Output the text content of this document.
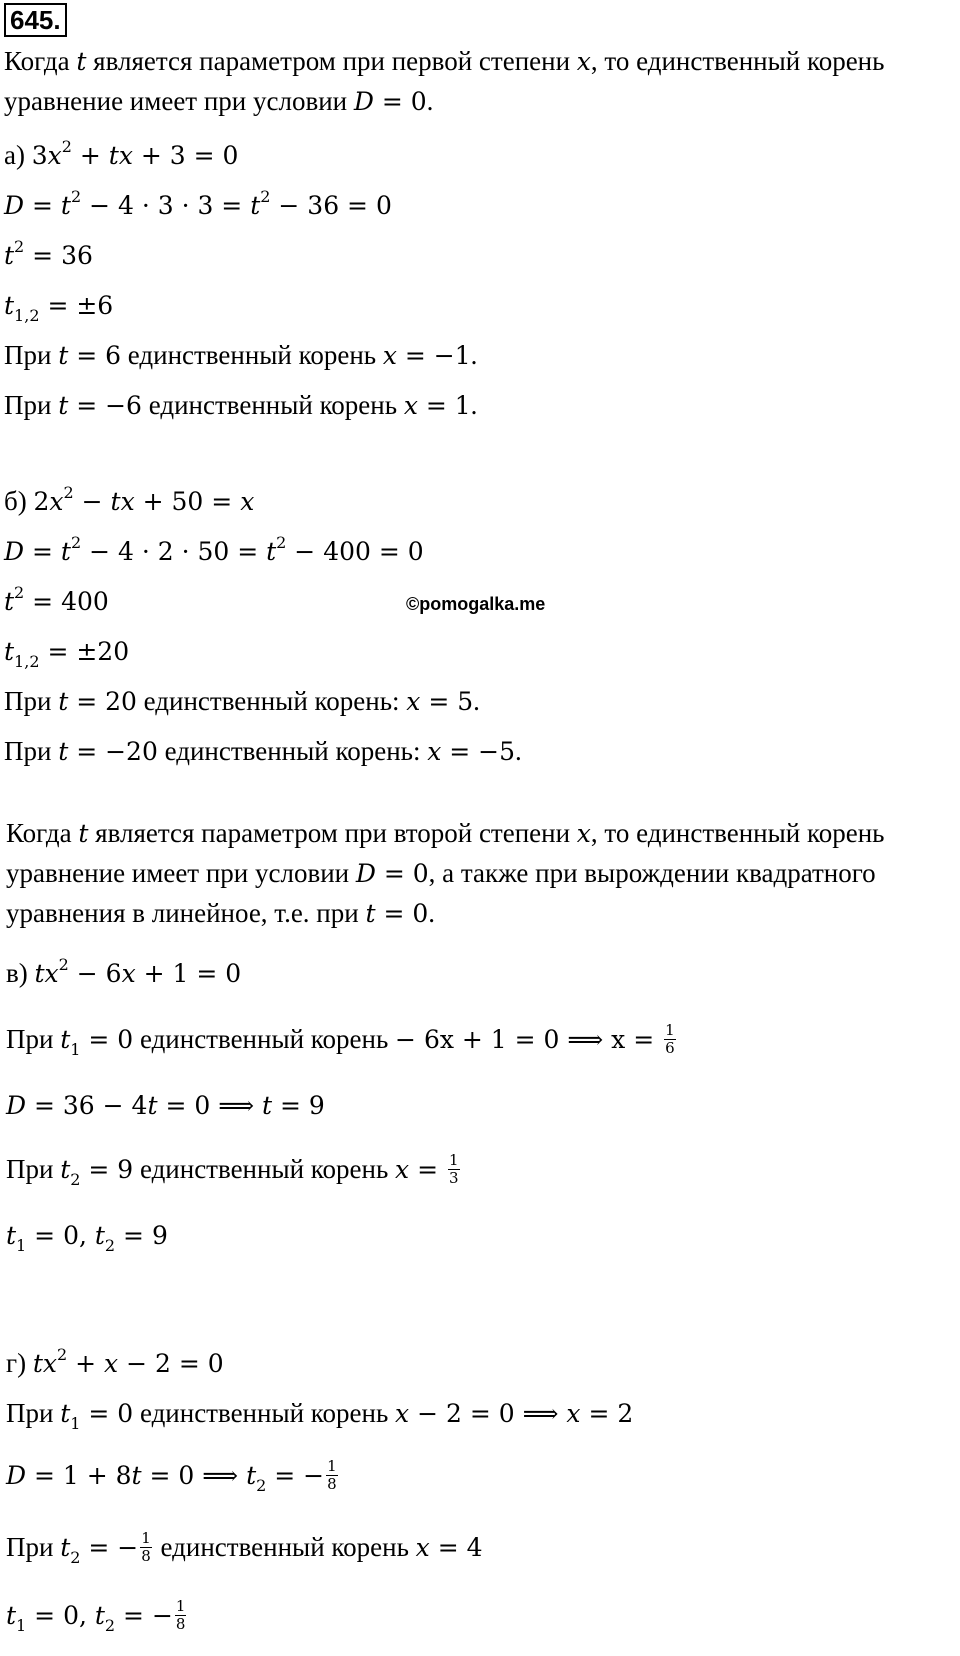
645.
Когда t является параметром при первой степени x, то единственный корень
уравнение имеет при условии D = 0.
а) $3x^2$ + tx + 3 = 0
$D = t^2 - 4 \cdot 3 \cdot 3 = t^2 - 36 = 0$
$t^2 = 36$
$t_{1,2} = \pm 6$
При t = 6 единственный корень x = −1.
При t = −6 единственный корень x = 1.
б) $2x^2$ − tx + 50 = x
$D = t^2 - 4 \cdot 2 \cdot 50 = t^2 - 400 = 0$
©pomogalka.me
$t^2 = 400$
$t_{1,2} = \pm 20$
При t = 20 единственный корень: x = 5.
При t = −20 единственный корень: x = −5.
Когда t является параметром при второй степени x, то единственный корень
уравнение имеет при условии D = 0, а также при вырождении квадратного
уравнения в линейное, т.е. при t = 0.
в) $tx^2 - 6x + 1 = 0$
При $t_1 = 0$ единственный корень − 6x + 1 = 0 ⟹ $x = \frac{1}{6}$
D = 36 − 4t = 0 ⟹ t = 9
При $t_2 = 9$ единственный корень $x = \frac{1}{3}$
$t_1 = 0$, $t_2 = 9$
г) $tx^2 + x - 2 = 0$
При $t_1 = 0$ единственный корень x − 2 = 0 ⟹ x = 2
D = 1 + 8t = 0 ⟹ $t_2$ = − $\frac{1}{8}$
При $t_2$ = − $\frac{1}{8}$ единственный корень x = 4
$t_1 = 0$, $t_2$ = − $\frac{1}{8}$
